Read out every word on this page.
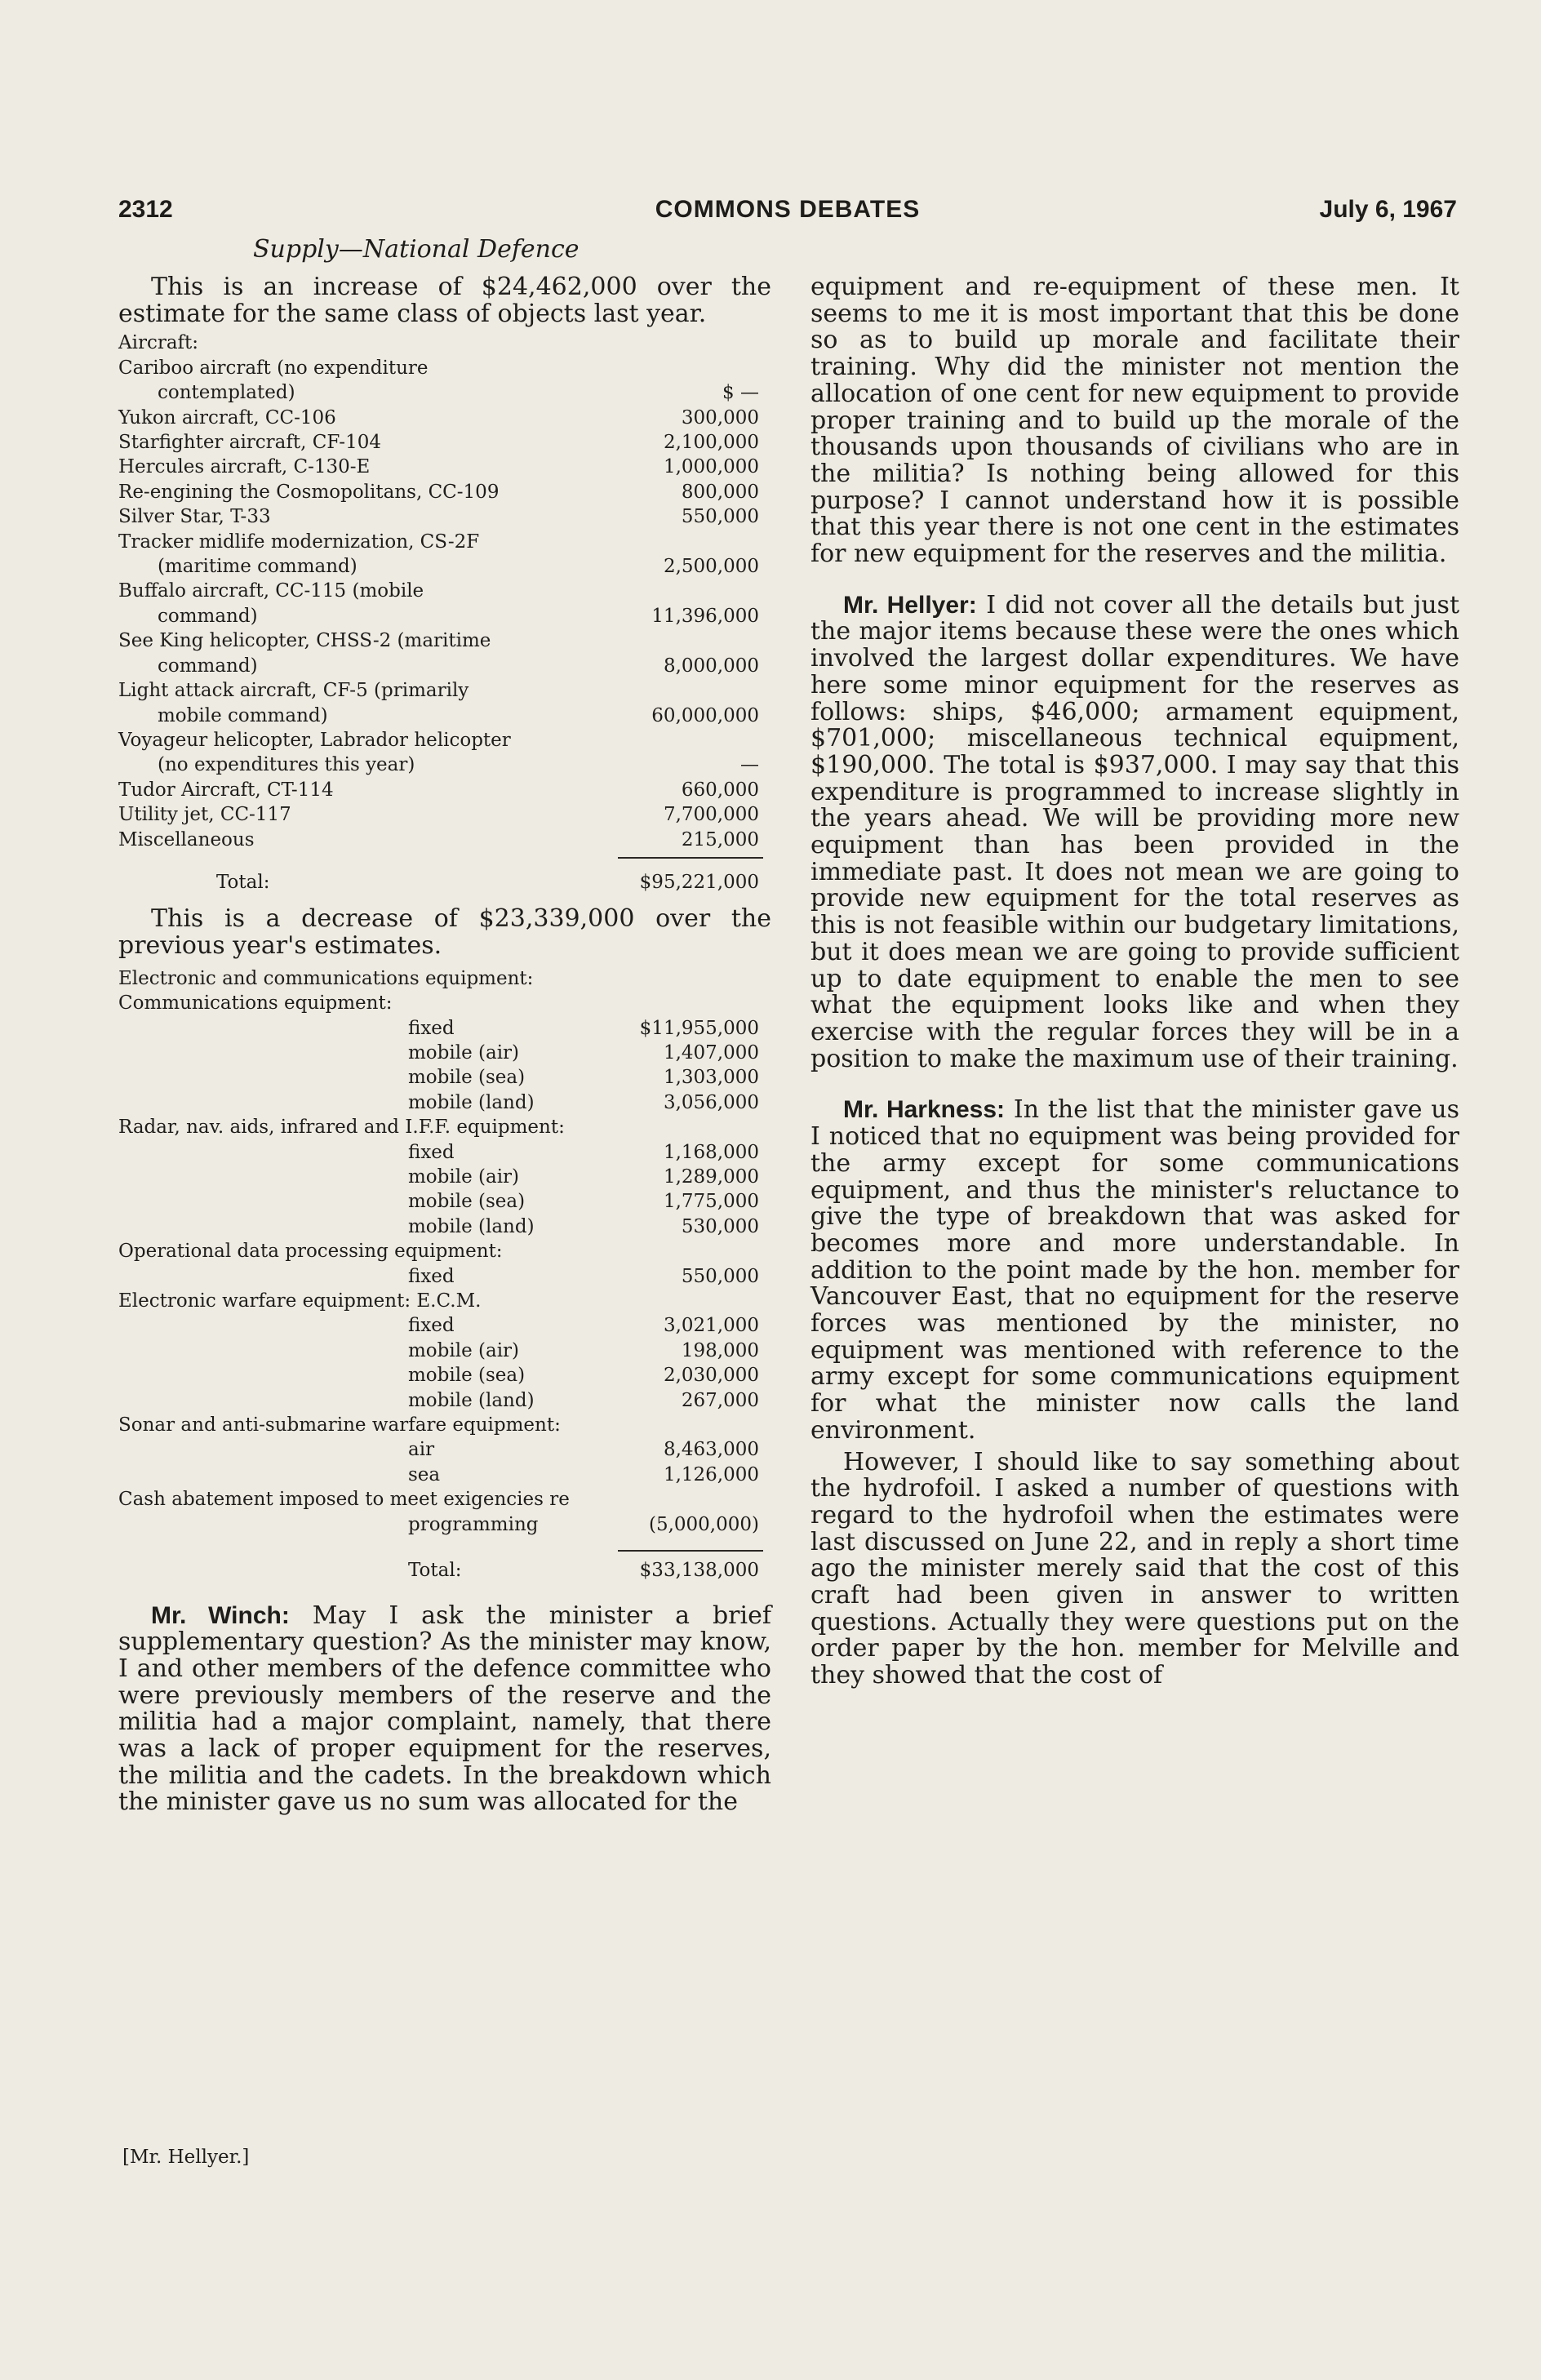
2312	COMMONS DEBATES	July 6, 1967
Supply—National Defence

This is an increase of $24,462,000 over the estimate for the same class of objects last year.

Aircraft:
Cariboo aircraft (no expenditure
contemplated)	$ —
Yukon aircraft, CC-106	300,000
Starfighter aircraft, CF-104	2,100,000
Hercules aircraft, C-130-E	1,000,000
Re-engining the Cosmopolitans, CC-109	800,000
Silver Star, T-33	550,000
Tracker midlife modernization, CS-2F
(maritime command)	2,500,000
Buffalo aircraft, CC-115 (mobile
command)	11,396,000
See King helicopter, CHSS-2 (maritime
command)	8,000,000
Light attack aircraft, CF-5 (primarily
mobile command)	60,000,000
Voyageur helicopter, Labrador helicopter
(no expenditures this year)	—
Tudor Aircraft, CT-114	660,000
Utility jet, CC-117	7,700,000
Miscellaneous	215,000
Total:	$95,221,000

This is a decrease of $23,339,000 over the previous year's estimates.

Electronic and communications equipment:
Communications equipment:
fixed	$11,955,000
mobile (air)	1,407,000
mobile (sea)	1,303,000
mobile (land)	3,056,000
Radar, nav. aids, infrared and I.F.F. equipment:
fixed	1,168,000
mobile (air)	1,289,000
mobile (sea)	1,775,000
mobile (land)	530,000
Operational data processing equipment:
fixed	550,000
Electronic warfare equipment: E.C.M.
fixed	3,021,000
mobile (air)	198,000
mobile (sea)	2,030,000
mobile (land)	267,000
Sonar and anti-submarine warfare equipment:
air	8,463,000
sea	1,126,000
Cash abatement imposed to meet exigencies re
programming	(5,000,000)
Total:	$33,138,000

Mr. Winch: May I ask the minister a brief supplementary question? As the minister may know, I and other members of the defence committee who were previously members of the reserve and the militia had a major complaint, namely, that there was a lack of proper equipment for the reserves, the militia and the cadets. In the breakdown which the minister gave us no sum was allocated for the

equipment and re-equipment of these men. It seems to me it is most important that this be done so as to build up morale and facilitate their training. Why did the minister not mention the allocation of one cent for new equipment to provide proper training and to build up the morale of the thousands upon thousands of civilians who are in the militia? Is nothing being allowed for this purpose? I cannot understand how it is possible that this year there is not one cent in the estimates for new equipment for the reserves and the militia.

Mr. Hellyer: I did not cover all the details but just the major items because these were the ones which involved the largest dollar expenditures. We have here some minor equipment for the reserves as follows: ships, $46,000; armament equipment, $701,000; miscellaneous technical equipment, $190,000. The total is $937,000. I may say that this expenditure is programmed to increase slightly in the years ahead. We will be providing more new equipment than has been provided in the immediate past. It does not mean we are going to provide new equipment for the total reserves as this is not feasible within our budgetary limitations, but it does mean we are going to provide sufficient up to date equipment to enable the men to see what the equipment looks like and when they exercise with the regular forces they will be in a position to make the maximum use of their training.

Mr. Harkness: In the list that the minister gave us I noticed that no equipment was being provided for the army except for some communications equipment, and thus the minister's reluctance to give the type of breakdown that was asked for becomes more and more understandable. In addition to the point made by the hon. member for Vancouver East, that no equipment for the reserve forces was mentioned by the minister, no equipment was mentioned with reference to the army except for some communications equipment for what the minister now calls the land environment.

However, I should like to say something about the hydrofoil. I asked a number of questions with regard to the hydrofoil when the estimates were last discussed on June 22, and in reply a short time ago the minister merely said that the cost of this craft had been given in answer to written questions. Actually they were questions put on the order paper by the hon. member for Melville and they showed that the cost of

[Mr. Hellyer.]
